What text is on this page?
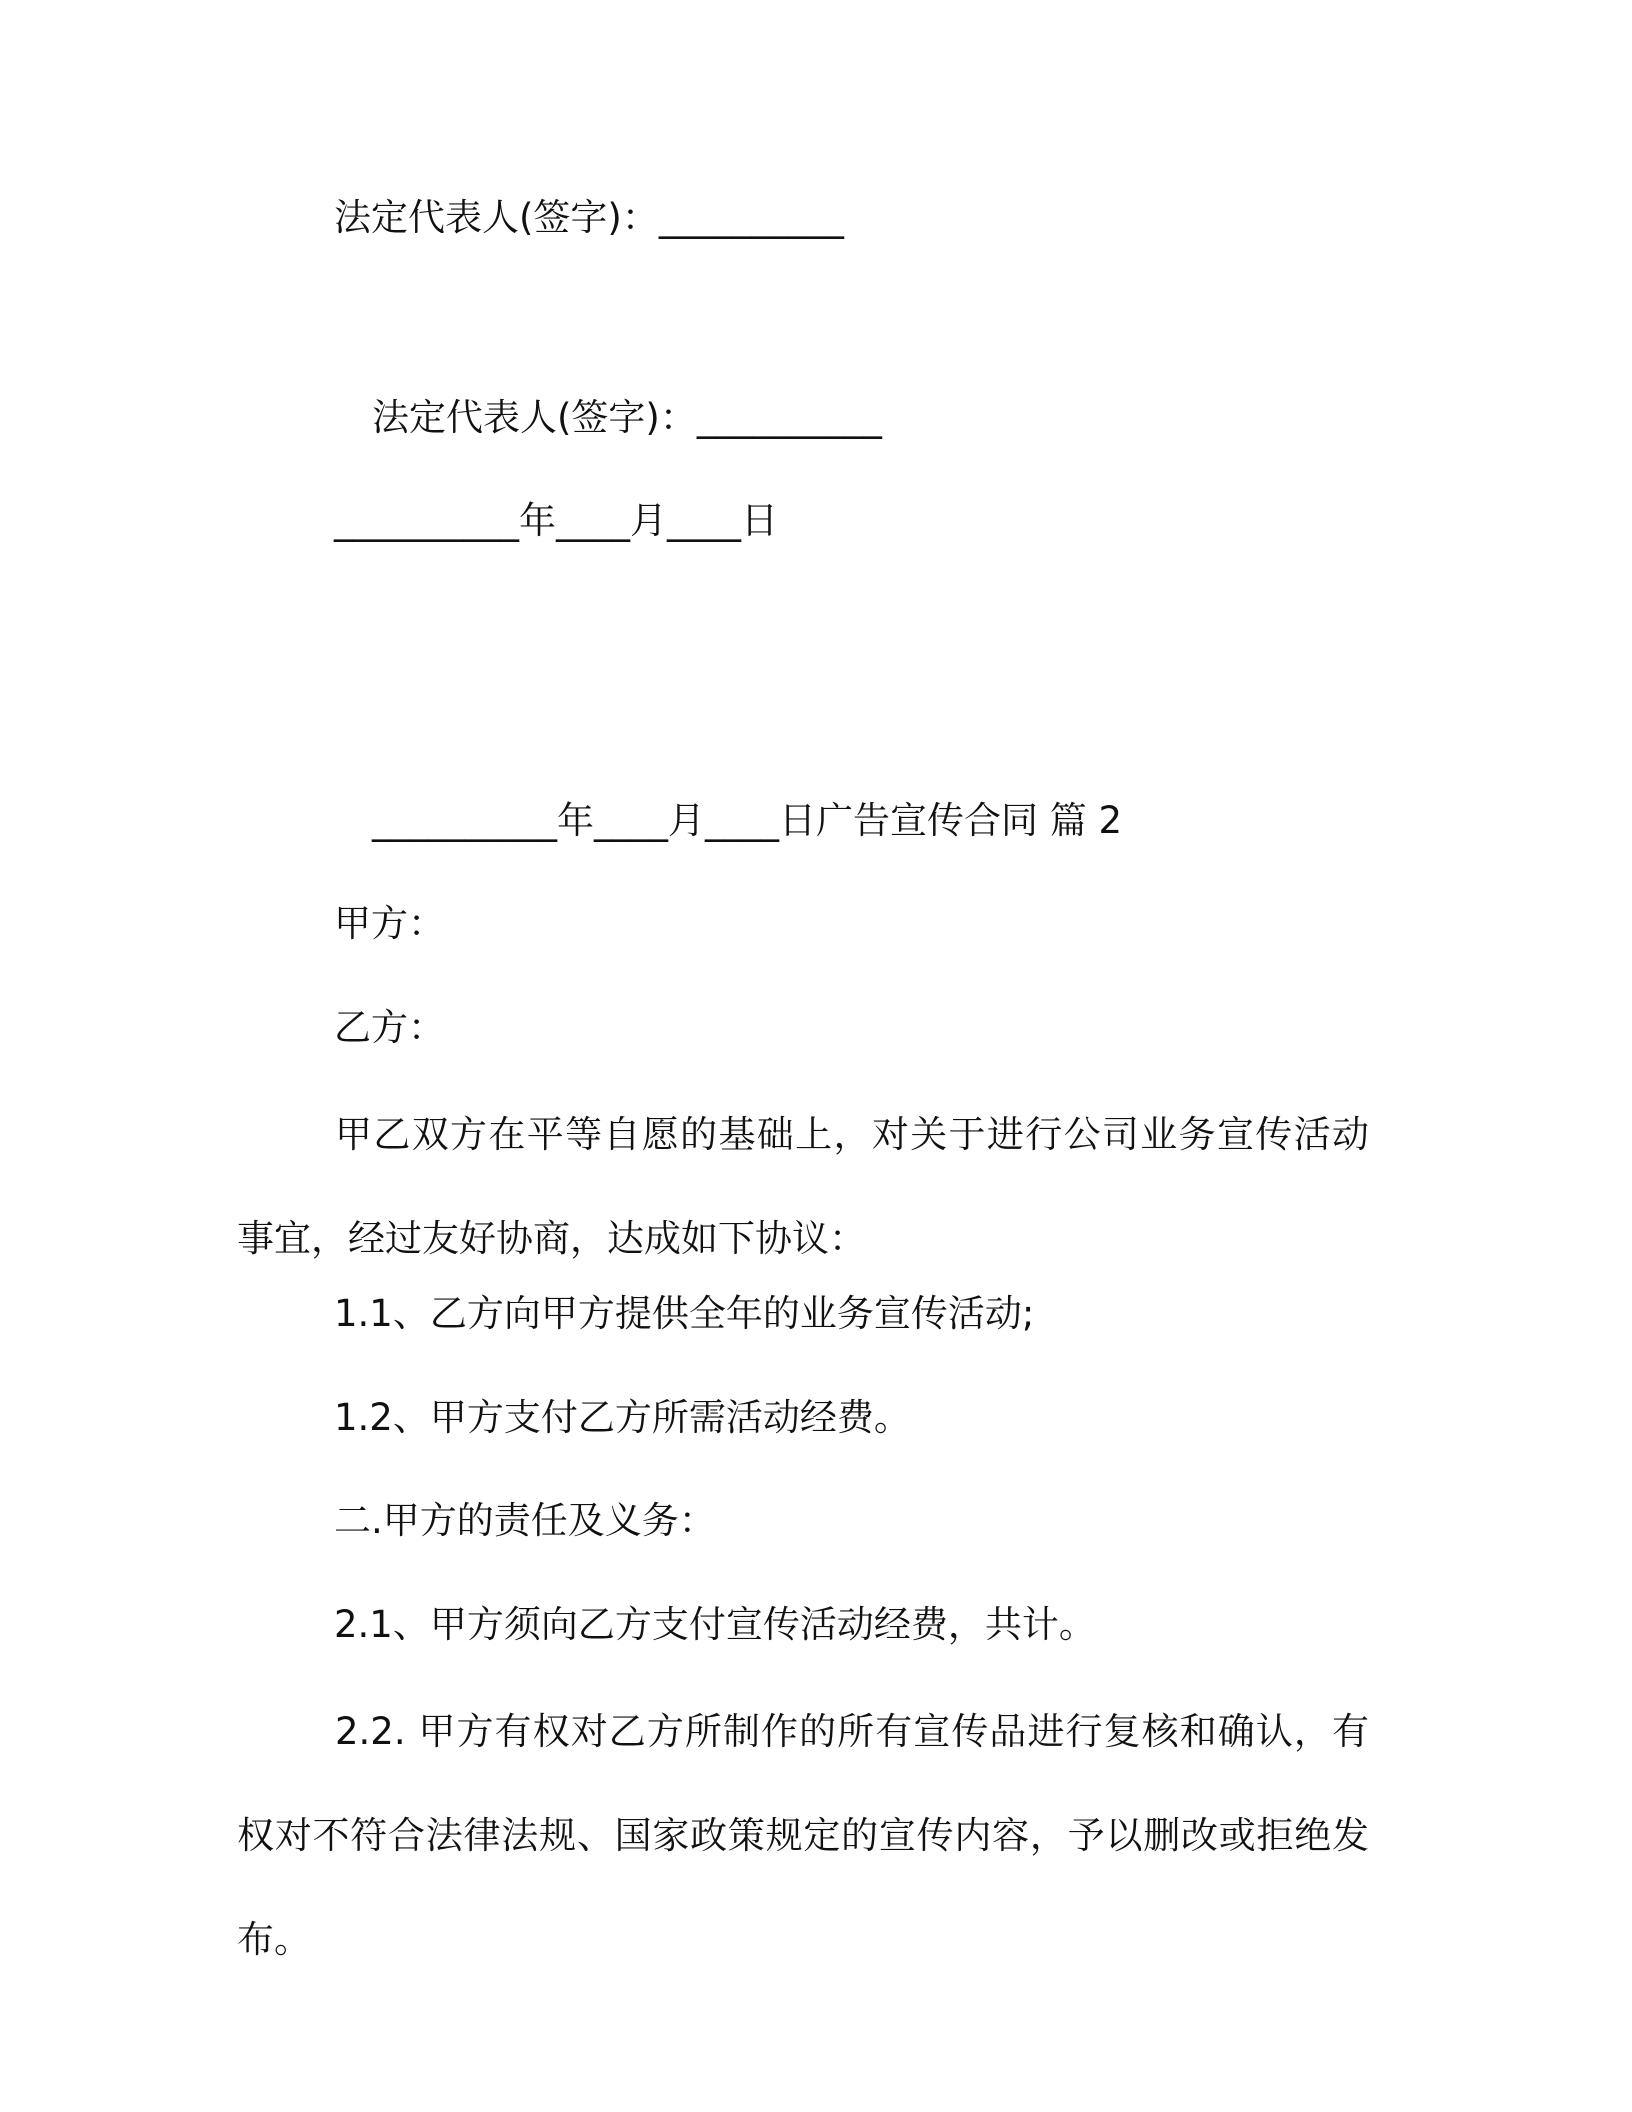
法定代表人(签字)：__________
法定代表人(签字)：__________
__________年____月____日
__________年____月____日广告宣传合同 篇 2
甲方：
乙方：
甲乙双方在平等自愿的基础上，对关于进行公司业务宣传活动事宜，经过友好协商，达成如下协议：
1.1、乙方向甲方提供全年的业务宣传活动;
1.2、甲方支付乙方所需活动经费。
二.甲方的责任及义务：
2.1、甲方须向乙方支付宣传活动经费，共计。
2.2. 甲方有权对乙方所制作的所有宣传品进行复核和确认，有权对不符合法律法规、国家政策规定的宣传内容，予以删改或拒绝发布。
